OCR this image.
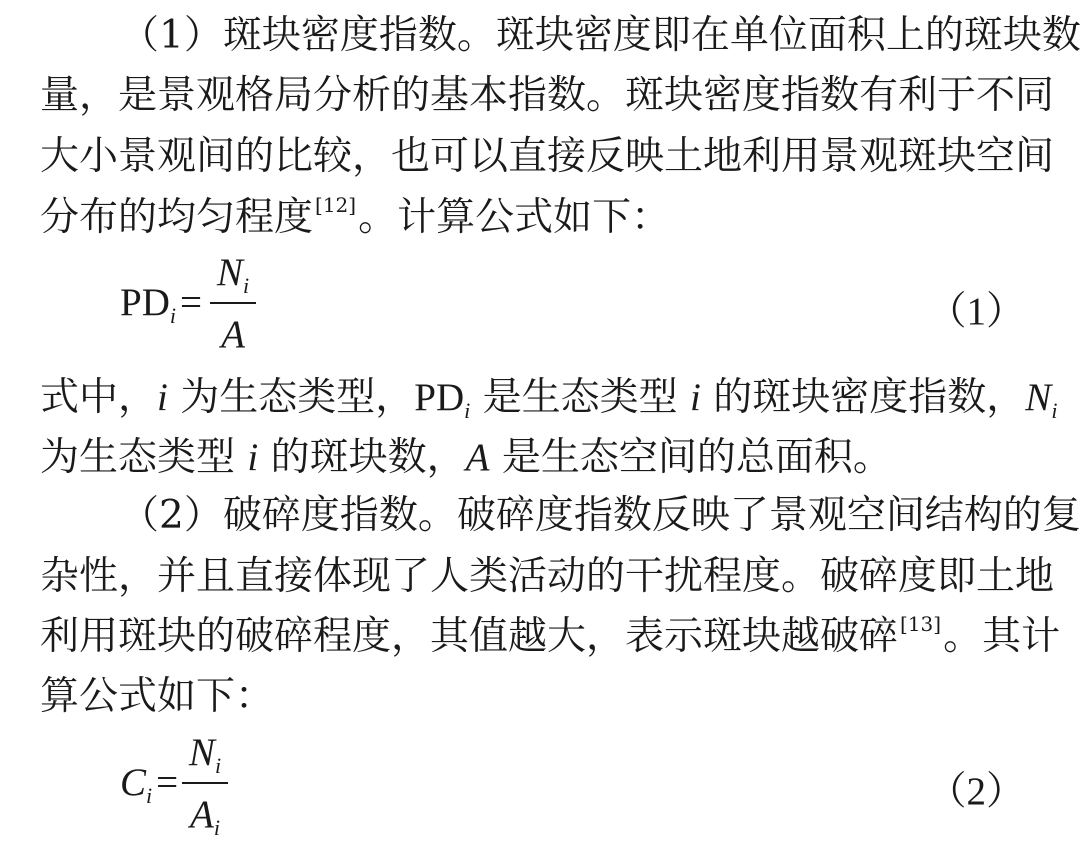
（1）斑块密度指数。斑块密度即在单位面积上的斑块数
量，是景观格局分析的基本指数。斑块密度指数有利于不同
大小景观间的比较，也可以直接反映土地利用景观斑块空间
分布的均匀程度 [12]。计算公式如下：
$PD_i$ =
$N_i$
A
（1）
式中，i 为生态类型，$PD_i$ 是生态类型 i 的斑块密度指数，$N_i$
为生态类型 i 的斑块数，A 是生态空间的总面积。
（2）破碎度指数。破碎度指数反映了景观空间结构的复
杂性，并且直接体现了人类活动的干扰程度。破碎度即土地
利用斑块的破碎程度，其值越大，表示斑块越破碎 [13]。其计
算公式如下：
$C_i$ =
$N_i$
$A_i$
（2）
